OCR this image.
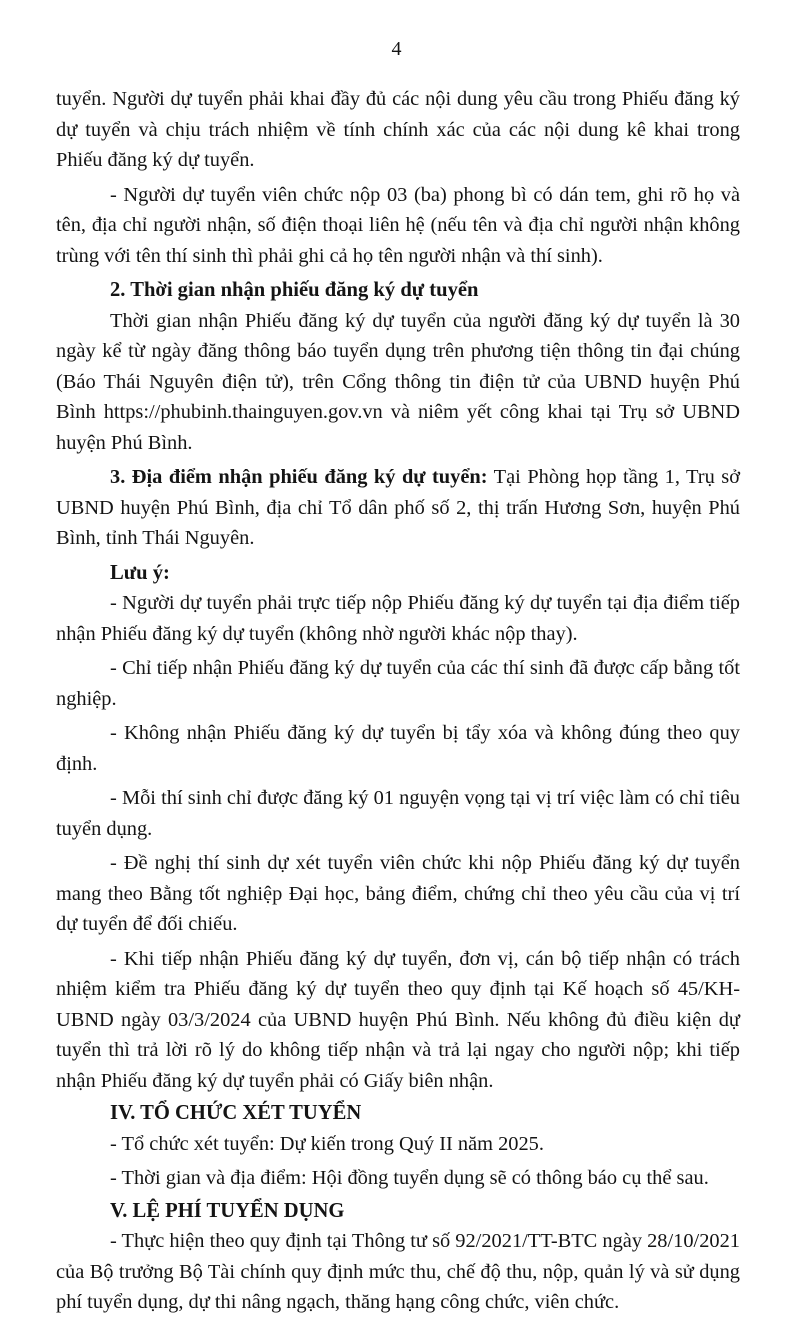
4

tuyển. Người dự tuyển phải khai đầy đủ các nội dung yêu cầu trong Phiếu đăng ký dự tuyển và chịu trách nhiệm về tính chính xác của các nội dung kê khai trong Phiếu đăng ký dự tuyển.

- Người dự tuyển viên chức nộp 03 (ba) phong bì có dán tem, ghi rõ họ và tên, địa chỉ người nhận, số điện thoại liên hệ (nếu tên và địa chỉ người nhận không trùng với tên thí sinh thì phải ghi cả họ tên người nhận và thí sinh).

2. Thời gian nhận phiếu đăng ký dự tuyển

Thời gian nhận Phiếu đăng ký dự tuyển của người đăng ký dự tuyển là 30 ngày kể từ ngày đăng thông báo tuyển dụng trên phương tiện thông tin đại chúng (Báo Thái Nguyên điện tử), trên Cổng thông tin điện tử của UBND huyện Phú Bình https://phubinh.thainguyen.gov.vn và niêm yết công khai tại Trụ sở UBND huyện Phú Bình.

3. Địa điểm nhận phiếu đăng ký dự tuyển: Tại Phòng họp tầng 1, Trụ sở UBND huyện Phú Bình, địa chỉ Tổ dân phố số 2, thị trấn Hương Sơn, huyện Phú Bình, tỉnh Thái Nguyên.

Lưu ý:

- Người dự tuyển phải trực tiếp nộp Phiếu đăng ký dự tuyển tại địa điểm tiếp nhận Phiếu đăng ký dự tuyển (không nhờ người khác nộp thay).

- Chỉ tiếp nhận Phiếu đăng ký dự tuyển của các thí sinh đã được cấp bằng tốt nghiệp.

- Không nhận Phiếu đăng ký dự tuyển bị tẩy xóa và không đúng theo quy định.

- Mỗi thí sinh chỉ được đăng ký 01 nguyện vọng tại vị trí việc làm có chỉ tiêu tuyển dụng.

- Đề nghị thí sinh dự xét tuyển viên chức khi nộp Phiếu đăng ký dự tuyển mang theo Bằng tốt nghiệp Đại học, bảng điểm, chứng chỉ theo yêu cầu của vị trí dự tuyển để đối chiếu.

- Khi tiếp nhận Phiếu đăng ký dự tuyển, đơn vị, cán bộ tiếp nhận có trách nhiệm kiểm tra Phiếu đăng ký dự tuyển theo quy định tại Kế hoạch số 45/KH-UBND ngày 03/3/2024 của UBND huyện Phú Bình. Nếu không đủ điều kiện dự tuyển thì trả lời rõ lý do không tiếp nhận và trả lại ngay cho người nộp; khi tiếp nhận Phiếu đăng ký dự tuyển phải có Giấy biên nhận.

IV. TỔ CHỨC XÉT TUYỂN

- Tổ chức xét tuyển: Dự kiến trong Quý II năm 2025.

- Thời gian và địa điểm: Hội đồng tuyển dụng sẽ có thông báo cụ thể sau.

V. LỆ PHÍ TUYỂN DỤNG

- Thực hiện theo quy định tại Thông tư số 92/2021/TT-BTC ngày 28/10/2021 của Bộ trưởng Bộ Tài chính quy định mức thu, chế độ thu, nộp, quản lý và sử dụng phí tuyển dụng, dự thi nâng ngạch, thăng hạng công chức, viên chức.
